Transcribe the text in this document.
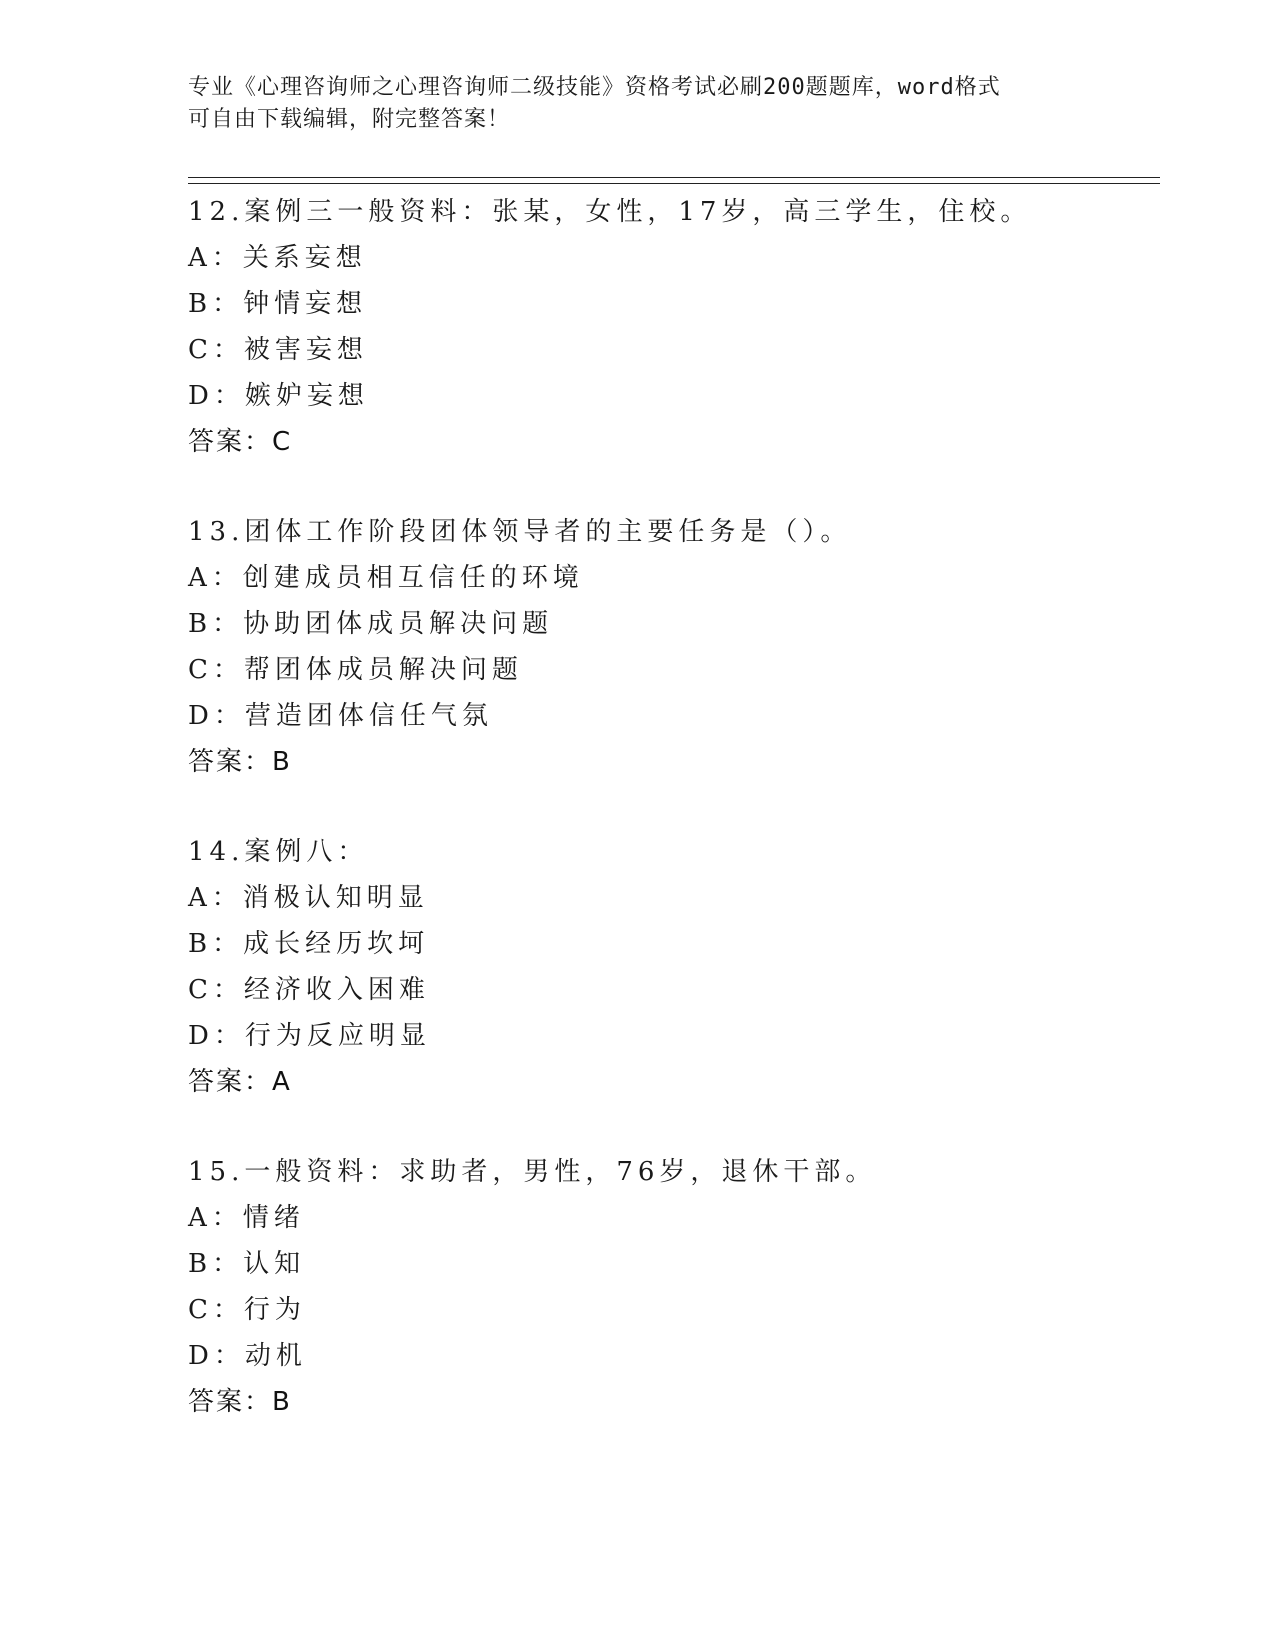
专业《心理咨询师之心理咨询师二级技能》资格考试必刷200题题库，word格式
可自由下载编辑，附完整答案！
12.案例三一般资料：张某，女性，17岁，高三学生，住校。
A：关系妄想
B：钟情妄想
C：被害妄想
D：嫉妒妄想
答案：C
13.团体工作阶段团体领导者的主要任务是（）。
A：创建成员相互信任的环境
B：协助团体成员解决问题
C：帮团体成员解决问题
D：营造团体信任气氛
答案：B
14.案例八：
A：消极认知明显
B：成长经历坎坷
C：经济收入困难
D：行为反应明显
答案：A
15.一般资料：求助者，男性，76岁，退休干部。
A：情绪
B：认知
C：行为
D：动机
答案：B
